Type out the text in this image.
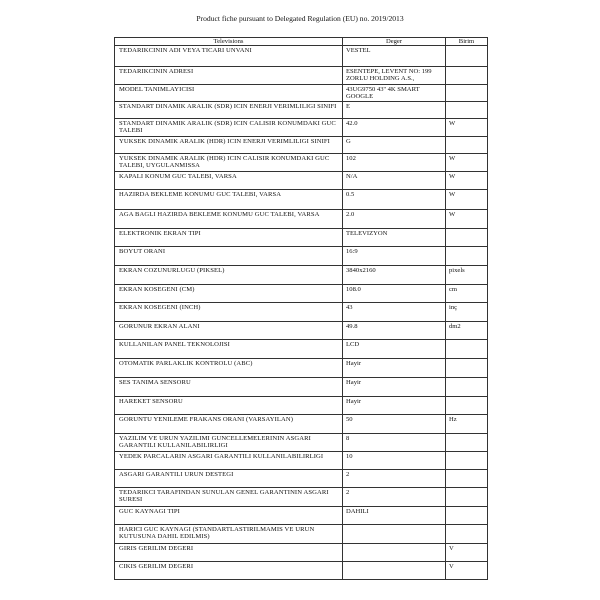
Product fiche pursuant to Delegated Regulation (EU) no. 2019/2013
Televisions	Deger	Birim
TEDARIKCININ ADI VEYA TICARI UNVANI	VESTEL	
TEDARIKCININ ADRESI	ESENTEPE, LEVENT NO: 199 ZORLU HOLDING A.S.,	
MODEL TANIMLAYICISI	43UG9750 43'' 4K SMART GOOGLE	
STANDART DINAMIK ARALIK (SDR) ICIN ENERJI VERIMLILIGI SINIFI	E	
STANDART DINAMIK ARALIK (SDR) ICIN CALISIR KONUMDAKI GUC TALEBI	42.0	W
YUKSEK DINAMIK ARALIK (HDR) ICIN ENERJI VERIMLILIGI SINIFI	G	
YUKSEK DINAMIK ARALIK (HDR) ICIN CALISIR KONUMDAKI GUC TALEBI, UYGULANMISSA	102	W
KAPALI KONUM GUC TALEBI, VARSA	N/A	W
HAZIRDA BEKLEME KONUMU GUC TALEBI, VARSA	0.5	W
AGA BAGLI HAZIRDA BEKLEME KONUMU GUC TALEBI, VARSA	2.0	W
ELEKTRONIK EKRAN TIPI	TELEVIZYON	
BOYUT ORANI	16:9	
EKRAN COZUNURLUGU (PIKSEL)	3840x2160	pixels
EKRAN KOSEGENI (CM)	108.0	cm
EKRAN KOSEGENI (INCH)	43	inç
GORUNUR EKRAN ALANI	49.8	dm2
KULLANILAN PANEL TEKNOLOJISI	LCD	
OTOMATIK PARLAKLIK KONTROLU (ABC)	Hayir	
SES TANIMA SENSORU	Hayir	
HAREKET SENSORU	Hayir	
GORUNTU YENILEME FRAKANS ORANI (VARSAYILAN)	50	Hz
YAZILIM VE URUN YAZILIMI GUNCELLEMELERININ ASGARI GARANTILI KULLANILABILIRLIGI	8	
YEDEK PARCALARIN ASGARI GARANTILI KULLANILABILIRLIGI	10	
ASGARI GARANTILI URUN DESTEGI	2	
TEDARIKCI TARAFINDAN SUNULAN GENEL GARANTININ ASGARI SURESI	2	
GUC KAYNAGI TIPI	DAHILI	
HARICI GUC KAYNAGI (STANDARTLASTIRILMAMIS VE URUN KUTUSUNA DAHIL EDILMIS)		
GIRIS GERILIM DEGERI		V
CIKIS GERILIM DEGERI		V
